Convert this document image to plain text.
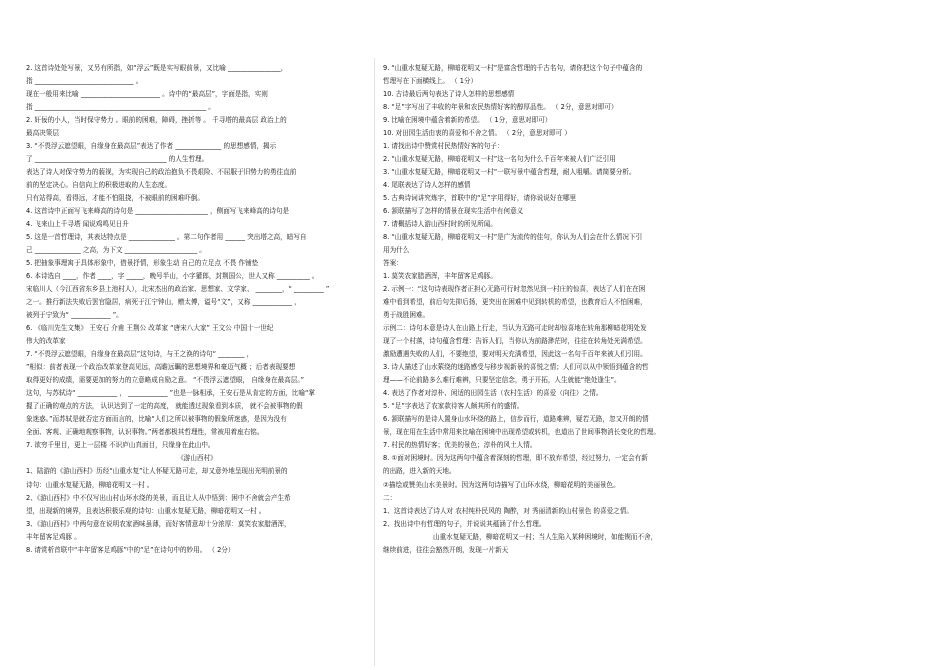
2. 这首诗处处写景，又另有所指，如“浮云”既是实写眼前景，又比喻 ________________，
指 ______________________________ 。
现在一般用来比喻 ________________________ 。诗中的“最高层”，字面是指，实则
指 ____________________________________________________ 。
2. 奸佞的小人，当时保守势力 。眼前的困难，障碍，挫折等 。 千寻塔的最高层 政治上的
最高决策层
3. “不畏浮云遮望眼，自缘身在最高层”表达了作者 ______________ 的思想感情，揭示
了 ________________________________________ 的人生哲理。
表达了诗人对保守势力的藐视，为实现自己的政治抱负不畏艰险、不屈服于旧势力的勇往直前
前的坚定决心。自信向上的积极进取的人生态度。
只有站得高，看得远，才能不怕阻挠，不被眼前的困难吓倒。
4. 这首诗中正面写飞来峰高的诗句是 ______________________ ，侧面写飞来峰高的诗句是
4. 飞来山上千寻塔 闻说鸡鸣见日升
5. 这是一首哲理诗，其表达特点是 ______________ 。第二句作者用 ______ 突出塔之高，暗写自
己 ______________ 之高，为下文 ______________________ 。
5. 把抽象事理寓于具体形象中，借景抒情，形象生动 自己的立足点 不畏 作铺垫
6. 本诗选自 ____，作者 ____，字 _____，晚号半山，小字獾郎，封荆国公，世人又称 __________ 。
宋临川人（今江西省东乡县上池村人），北宋杰出的政治家、思想家、文学家、 ________，“ _________ ”
之一。推行新法失败后罢官隐居，病死于江宁钟山，赠太傅，谥号“文”，又称 ____________ ，
被列于宁致为“ ____________ ”。
6. 《临川先生文集》 王安石 介甫 王荆公 改革家 “唐宋八大家” 王文公 中国十一世纪
伟大的改革家
7. “不畏浮云遮望眼，自缘身在最高层”这句诗，与王之涣的诗句“ ________ ，
”相似：前者表现一个政治改革家登高见远，高瞻远瞩的思想境界和豪迈气概 ；后者表现要想
取得更好的成绩，需要更加的努力的立意略成自励之意。 “不畏浮云遮望眼， 自缘身在最高层。”
这句，与苏轼诗“ ____________ ， ____________ ”也是一脉相承，王安石是从肯定的方面，比喻“掌
握了正确的观点的方法， 认识达到了一定的高度， 就能透过现象看到本质， 就不会被事物的假
象迷惑。”而苏轼是就否定方面而言的，比喻“人们之所以被事物的假象所迷惑，是因为没有
全面、客观、正确地观察事物，认识事物。”两者都极其哲理性，常被用着座右铭。
7. 欲穷千里目，更上一层楼 不识庐山真面目，只缘身在此山中。
《游山西村》
1、陆游的《游山西村》历经“山重水复”让人怀疑无路可走，却又意外地呈现出光明前景的
诗句：山重水复疑无路，柳暗花明又一村 。
2、《游山西村》中不仅写出山村山环水绕的美景，而且让人从中悟到：困中不舍就会产生希
望，出现新的境界，且表达积极乐观的诗句：山重水复疑无路，柳暗花明又一村 。
3、《游山西村》中两句意在说明农家酒味虽薄，而好客情意却十分浓厚：莫笑农家腊酒浑，
丰年留客足鸡豚 。
8. 请赏析首联中“丰年留客足鸡豚”中的“足”在诗句中的妙用。 （ 2分）
9. “山重水复疑无路，柳暗花明又一村”是富含哲理的千古名句，请你把这个句子中蕴含的
哲理写在下面横线上。 （ 1分）
10. 古诗最后两句表达了诗人怎样的思想感情
8. “足”字写出了丰收的年景和农民热情好客的醇厚品性。 （ 2分，意思对即可）
9. 比喻在困境中蕴含着新的希望。 （ 1分，意思对即可）
10. 对田园生活由衷的喜爱和不舍之情。 （ 2分，意思对即可 ）
1. 请找出诗中赞赏村民热情好客的句子：
2. “山重水复疑无路，柳暗花明又一村”这一名句为什么千百年来被人们广泛引用
3. “山重水复疑无路，柳暗花明又一村”一联写景中蕴含哲理，耐人咀嚼。请简要分析。
4. 尾联表达了诗人怎样的感情
5. 古典诗词讲究炼字，首联中的“足”字用得好，请你说说好在哪里
6. 颔联描写了怎样的情景在现实生活中有何意义
7. 请概括诗人游山西村时的所见所闻。
8. “山重水复疑无路，柳暗花明又一村”是广为流传的佳句，你认为人们会在什么情况下引
用为什么
答案：
1. 莫笑农家腊酒浑，丰年留客足鸡豚。
2. 示例一：“这句诗表现作者正担心无路可行时忽然见到一村庄的惊喜，表达了人们在在困
难中看到希望，前后句先抑后扬，更突出在困难中见到转机的希望，也教育后人不怕困难，
勇于战胜困难。
示例二：诗句本意是诗人在山路上行走，当认为无路可走时却惊喜地在转角那柳暗花明处发
现了一个村落，诗句蕴含哲理：告诉人们，当你认为前路渺茫时，往往在转角处光满希望。
激励遭遇失败的人们，不要绝望，要对明天充满希望，因此这一名句千百年来被人们引用。
3. 诗人描述了山水萦绕的迷路感受与移步视新景的喜悦之情；人们可以从中领悟到蕴含的哲
理——不论前路多么难行难辨，只要坚定信念，勇于开拓，人生就能“绝处逢生”。
4. 表达了作者对淳朴、闲适的田园生活（农村生活）的喜爱（向往）之情。
5. “足”字表达了农家款待客人颇其所有的盛情。
6. 颔联描写的是诗人置身山水环绕的路上，信步而行，道路难辨，疑若无路，忽又开朗的情
景，现在用在生活中常用来比喻在困境中出现希望或转机，也道出了世间事物消长变化的哲理。
7. 村民的热情好客；优美的景色；淳朴的风土人情。
8. ①面对困境时。因为这两句中蕴含着深刻的哲理，即不放弃希望，经过努力，一定会有新
的出路，进入新的天地。
②描绘或赞美山水美景时。因为这两句诗描写了山环水绕，柳暗花明的美丽景色。
二：
1、这首诗表达了诗人对 农村纯朴民风的 陶醉，对 秀丽清新的山村景色 的喜爱之情。
2、找出诗中有哲理的句子，并说说其蕴涵了什么哲理。
山重水复疑无路，柳暗花明又一村；当人生陷入某种困境时，如能锲而不舍，
继续前进，往往会豁然开朗，发现一片新天
